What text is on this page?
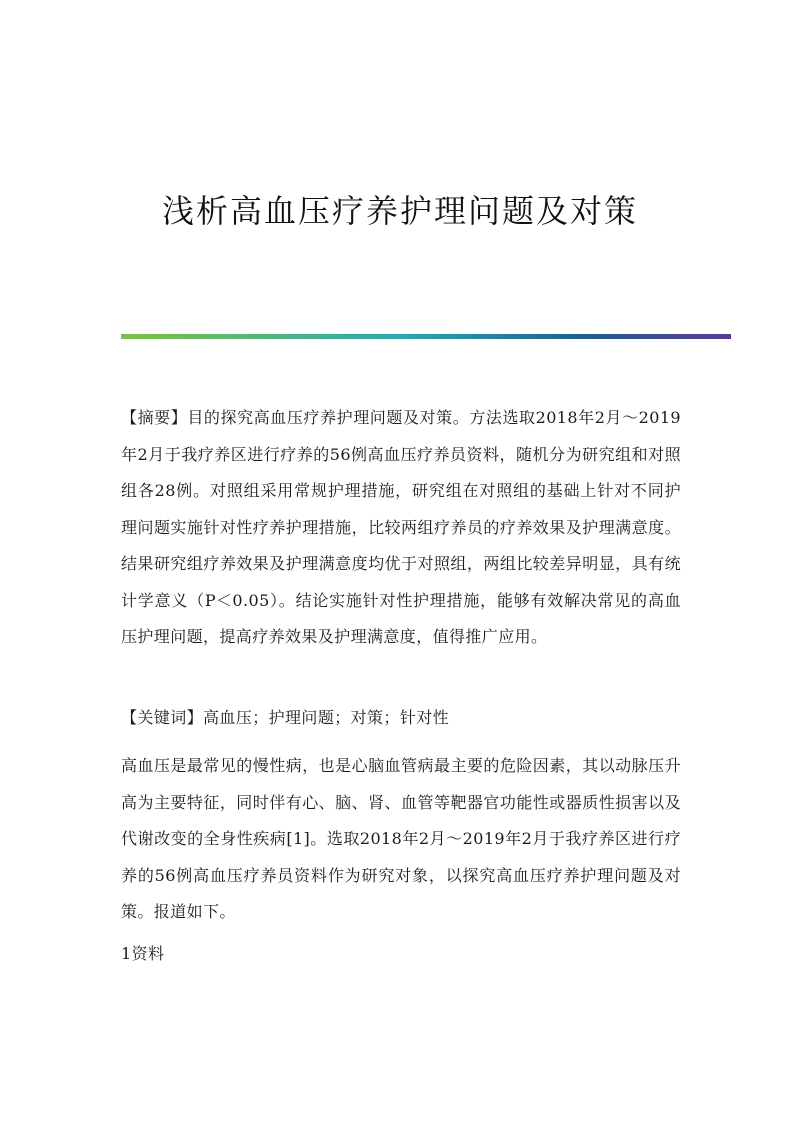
浅析高血压疗养护理问题及对策

【摘要】目的探究高血压疗养护理问题及对策。方法选取2018年2月～2019年2月于我疗养区进行疗养的56例高血压疗养员资料，随机分为研究组和对照组各28例。对照组采用常规护理措施，研究组在对照组的基础上针对不同护理问题实施针对性疗养护理措施，比较两组疗养员的疗养效果及护理满意度。结果研究组疗养效果及护理满意度均优于对照组，两组比较差异明显，具有统计学意义（P＜0.05）。结论实施针对性护理措施，能够有效解决常见的高血压护理问题，提高疗养效果及护理满意度，值得推广应用。

【关键词】高血压；护理问题；对策；针对性

高血压是最常见的慢性病，也是心脑血管病最主要的危险因素，其以动脉压升高为主要特征，同时伴有心、脑、肾、血管等靶器官功能性或器质性损害以及代谢改变的全身性疾病[1]。选取2018年2月～2019年2月于我疗养区进行疗养的56例高血压疗养员资料作为研究对象，以探究高血压疗养护理问题及对策。报道如下。

1资料
